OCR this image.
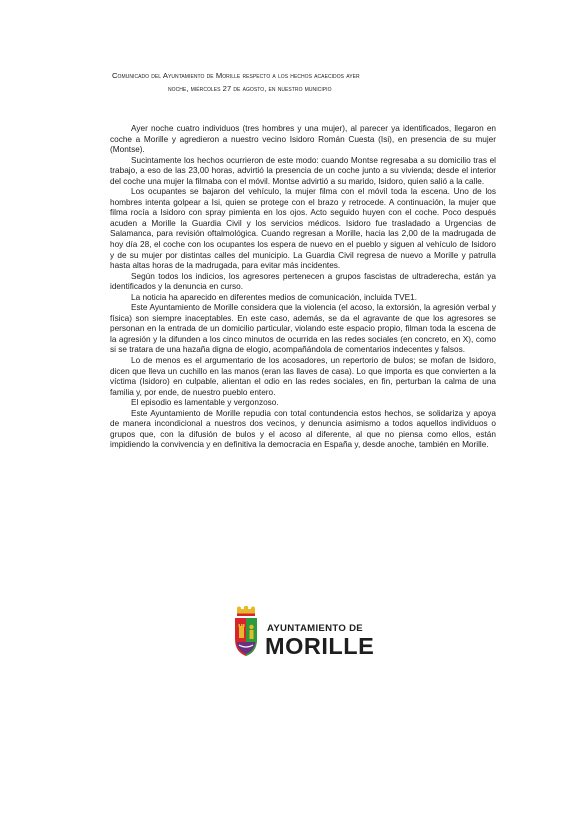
Comunicado del Ayuntamiento de Morille respecto a los hechos acaecidos ayer
noche, miércoles 27 de agosto, en nuestro municipio

Ayer noche cuatro individuos (tres hombres y una mujer), al parecer ya identificados, llegaron en coche a Morille y agredieron a nuestro vecino Isidoro Román Cuesta (Isi), en presencia de su mujer (Montse).

Sucintamente los hechos ocurrieron de este modo: cuando Montse regresaba a su domicilio tras el trabajo, a eso de las 23,00 horas, advirtió la presencia de un coche junto a su vivienda; desde el interior del coche una mujer la filmaba con el móvil. Montse advirtió a su marido, Isidoro, quien salió a la calle.

Los ocupantes se bajaron del vehículo, la mujer filma con el móvil toda la escena. Uno de los hombres intenta golpear a Isi, quien se protege con el brazo y retrocede. A continuación, la mujer que filma rocía a Isidoro con spray pimienta en los ojos. Acto seguido huyen con el coche. Poco después acuden a Morille la Guardia Civil y los servicios médicos. Isidoro fue trasladado a Urgencias de Salamanca, para revisión oftalmológica. Cuando regresan a Morille, hacia las 2,00 de la madrugada de hoy día 28, el coche con los ocupantes los espera de nuevo en el pueblo y siguen al vehículo de Isidoro y de su mujer por distintas calles del municipio. La Guardia Civil regresa de nuevo a Morille y patrulla hasta altas horas de la madrugada, para evitar más incidentes.

Según todos los indicios, los agresores pertenecen a grupos fascistas de ultraderecha, están ya identificados y la denuncia en curso.

La noticia ha aparecido en diferentes medios de comunicación, incluida TVE1.

Este Ayuntamiento de Morille considera que la violencia (el acoso, la extorsión, la agresión verbal y física) son siempre inaceptables. En este caso, además, se da el agravante de que los agresores se personan en la entrada de un domicilio particular, violando este espacio propio, filman toda la escena de la agresión y la difunden a los cinco minutos de ocurrida en las redes sociales (en concreto, en X), como si se tratara de una hazaña digna de elogio, acompañándola de comentarios indecentes y falsos.

Lo de menos es el argumentario de los acosadores, un repertorio de bulos; se mofan de Isidoro, dicen que lleva un cuchillo en las manos (eran las llaves de casa). Lo que importa es que convierten a la víctima (Isidoro) en culpable, alientan el odio en las redes sociales, en fin, perturban la calma de una familia y, por ende, de nuestro pueblo entero.

El episodio es lamentable y vergonzoso.

Este Ayuntamiento de Morille repudia con total contundencia estos hechos, se solidariza y apoya de manera incondicional a nuestros dos vecinos, y denuncia asimismo a todos aquellos individuos o grupos que, con la difusión de bulos y el acoso al diferente, al que no piensa como ellos, están impidiendo la convivencia y en definitiva la democracia en España y, desde anoche, también en Morille.

AYUNTAMIENTO DE
MORILLE
